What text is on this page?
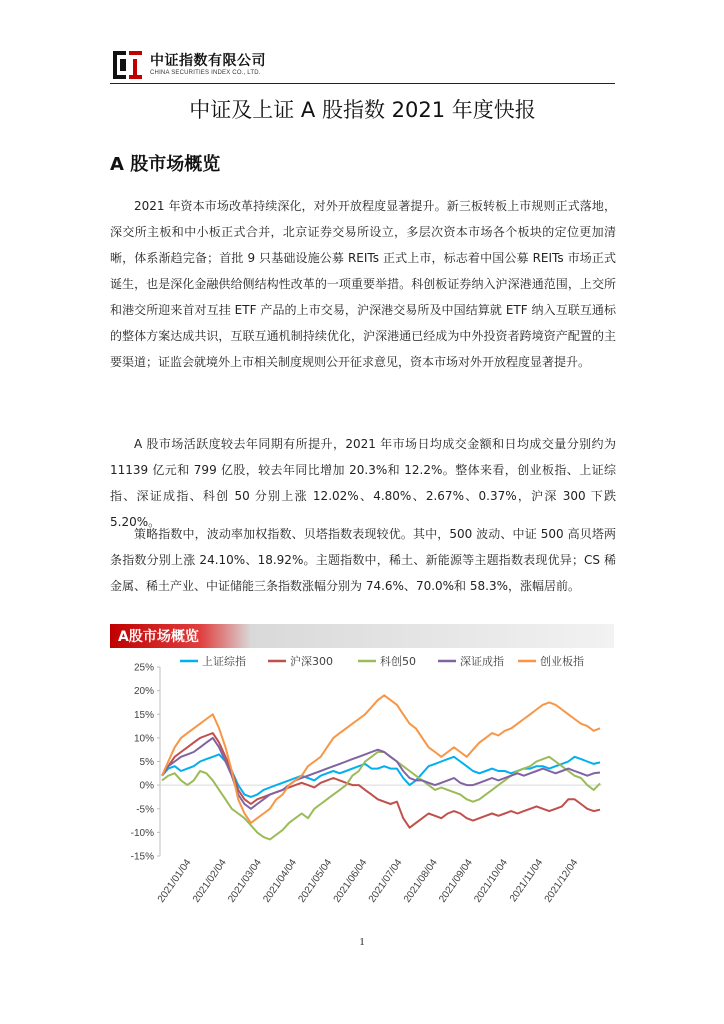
中证指数有限公司
CHINA SECURITIES INDEX CO., LTD.
中证及上证 A 股指数 2021 年度快报
A 股市场概览

2021 年资本市场改革持续深化，对外开放程度显著提升。新三板转板上市规则正式落地，深交所主板和中小板正式合并，北京证券交易所设立，多层次资本市场各个板块的定位更加清晰，体系渐趋完备；首批 9 只基础设施公募 REITs 正式上市，标志着中国公募 REITs 市场正式诞生，也是深化金融供给侧结构性改革的一项重要举措。科创板证券纳入沪深港通范围，上交所和港交所迎来首对互挂 ETF 产品的上市交易，沪深港交易所及中国结算就 ETF 纳入互联互通标的整体方案达成共识，互联互通机制持续优化，沪深港通已经成为中外投资者跨境资产配置的主要渠道；证监会就境外上市相关制度规则公开征求意见，资本市场对外开放程度显著提升。

A 股市场活跃度较去年同期有所提升，2021 年市场日均成交金额和日均成交量分别约为 11139 亿元和 799 亿股，较去年同比增加 20.3%和 12.2%。整体来看，创业板指、上证综指、深证成指、科创 50 分别上涨 12.02%、4.80%、2.67%、0.37%，沪深 300 下跌 5.20%。

策略指数中，波动率加权指数、贝塔指数表现较优。其中，500 波动、中证 500 高贝塔两条指数分别上涨 24.10%、18.92%。主题指数中，稀土、新能源等主题指数表现优异；CS 稀金属、稀土产业、中证储能三条指数涨幅分别为 74.6%、70.0%和 58.3%，涨幅居前。

A股市场概览
-15%
-10%
-5%
0%
5%
10%
15%
20%
25%
2021/01/04
2021/02/04
2021/03/04
2021/04/04
2021/05/04
2021/06/04
2021/07/04
2021/08/04
2021/09/04
2021/10/04
2021/11/04
2021/12/04
上证综指	沪深300	科创50	深证成指	创业板指
1
